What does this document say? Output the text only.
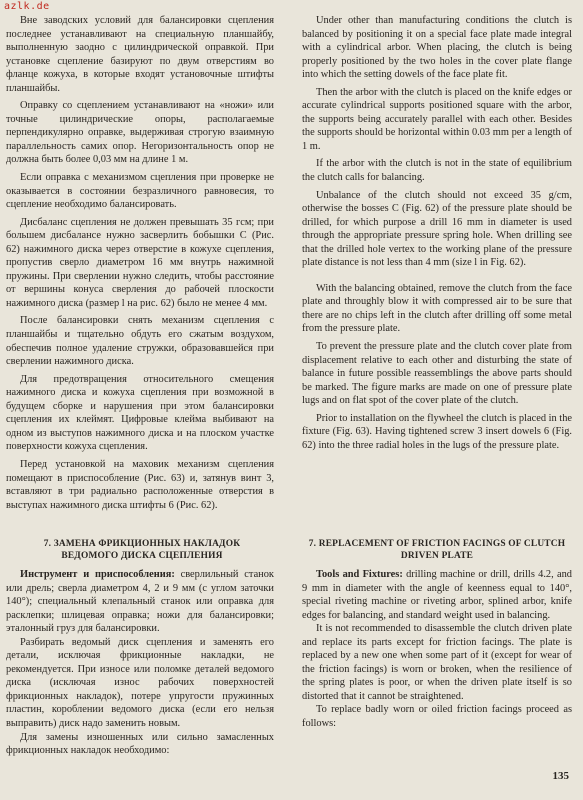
azlk.de

Вне заводских условий для балансировки сцепления последнее устанавливают на специальную планшайбу, выполненную заодно с цилиндрической оправкой. При установке сцепление базируют по двум отверстиям во фланце кожуха, в которые входят установочные штифты планшайбы.

Оправку со сцеплением устанавливают на «ножи» или точные цилиндрические опоры, располагаемые перпендикулярно оправке, выдерживая строгую взаимную параллельность самих опор. Негоризонтальность опор не должна быть более 0,03 мм на длине 1 м.

Если оправка с механизмом сцепления при проверке не оказывается в состоянии безразличного равновесия, то сцепление необходимо балансировать.

Дисбаланс сцепления не должен превышать 35 гсм; при большем дисбалансе нужно засверлить бобышки С (Рис. 62) нажимного диска через отверстие в кожухе сцепления, пропустив сверло диаметром 16 мм внутрь нажимной пружины. При сверлении нужно следить, чтобы расстояние от вершины конуса сверления до рабочей плоскости нажимного диска (размер l на рис. 62) было не менее 4 мм.

После балансировки снять механизм сцепления с планшайбы и тщательно обдуть его сжатым воздухом, обеспечив полное удаление стружки, образовавшейся при сверлении нажимного диска.

Для предотвращения относительного смещения нажимного диска и кожуха сцепления при возможной в будущем сборке и нарушения при этом балансировки сцепления их клеймят. Цифровые клейма выбивают на одном из выступов нажимного диска и на плоском участке поверхности кожуха сцепления.

Перед установкой на маховик механизм сцепления помещают в приспособление (Рис. 63) и, затянув винт 3, вставляют в три радиально расположенные отверстия в выступах нажимного диска штифты 6 (Рис. 62).

Under other than manufacturing conditions the clutch is balanced by positioning it on a special face plate made integral with a cylindrical arbor. When placing, the clutch is being properly positioned by the two holes in the cover plate flange into which the setting dowels of the face plate fit.

Then the arbor with the clutch is placed on the knife edges or accurate cylindrical supports positioned square with the arbor, the supports being accurately parallel with each other. Besides the supports should be horizontal within 0.03 mm per a length of 1 m.

If the arbor with the clutch is not in the state of equilibrium the clutch calls for balancing.

Unbalance of the clutch should not exceed 35 g/cm, otherwise the bosses C (Fig. 62) of the pressure plate should be drilled, for which purpose a drill 16 mm in diameter is used through the appropriate pressure spring hole. When drilling see that the drilled hole vertex to the working plane of the pressure plate distance is not less than 4 mm (size l in Fig. 62).

With the balancing obtained, remove the clutch from the face plate and throughly blow it with compressed air to be sure that there are no chips left in the clutch after drilling off some metal from the pressure plate.

To prevent the pressure plate and the clutch cover plate from displacement relative to each other and disturbing the state of balance in future possible reassemblings the above parts should be marked. The figure marks are made on one of pressure plate lugs and on flat spot of the cover plate of the clutch.

Prior to installation on the flywheel the clutch is placed in the fixture (Fig. 63). Having tightened screw 3 insert dowels 6 (Fig. 62) into the three radial holes in the lugs of the pressure plate.

7. ЗАМЕНА ФРИКЦИОННЫХ НАКЛАДОК ВЕДОМОГО ДИСКА СЦЕПЛЕНИЯ
7. REPLACEMENT OF FRICTION FACINGS OF CLUTCH DRIVEN PLATE

Инструмент и приспособления: сверлильный станок или дрель; сверла диаметром 4, 2 и 9 мм (с углом заточки 140°); специальный клепальный станок или оправка для расклепки; шлицевая оправка; ножи для балансировки; эталонный груз для балансировки.

Разбирать ведомый диск сцепления и заменять его детали, исключая фрикционные накладки, не рекомендуется. При износе или поломке деталей ведомого диска (исключая износ рабочих поверхностей фрикционных накладок), потере упругости пружинных пластин, короблении ведомого диска (если его нельзя выправить) диск надо заменить новым.

Для замены изношенных или сильно замасленных фрикционных накладок необходимо:

Tools and Fixtures: drilling machine or drill, drills 4.2, and 9 mm in diameter with the angle of keenness equal to 140°, special riveting machine or riveting arbor, splined arbor, knife edges for balancing, and standard weight used in balancing.

It is not recommended to disassemble the clutch driven plate and replace its parts except for friction facings. The plate is replaced by a new one when some part of it (except for wear of the friction facings) is worn or broken, when the resilience of the spring plates is poor, or when the driven plate itself is so distorted that it cannot be straightened.

To replace badly worn or oiled friction facings proceed as follows:

135
